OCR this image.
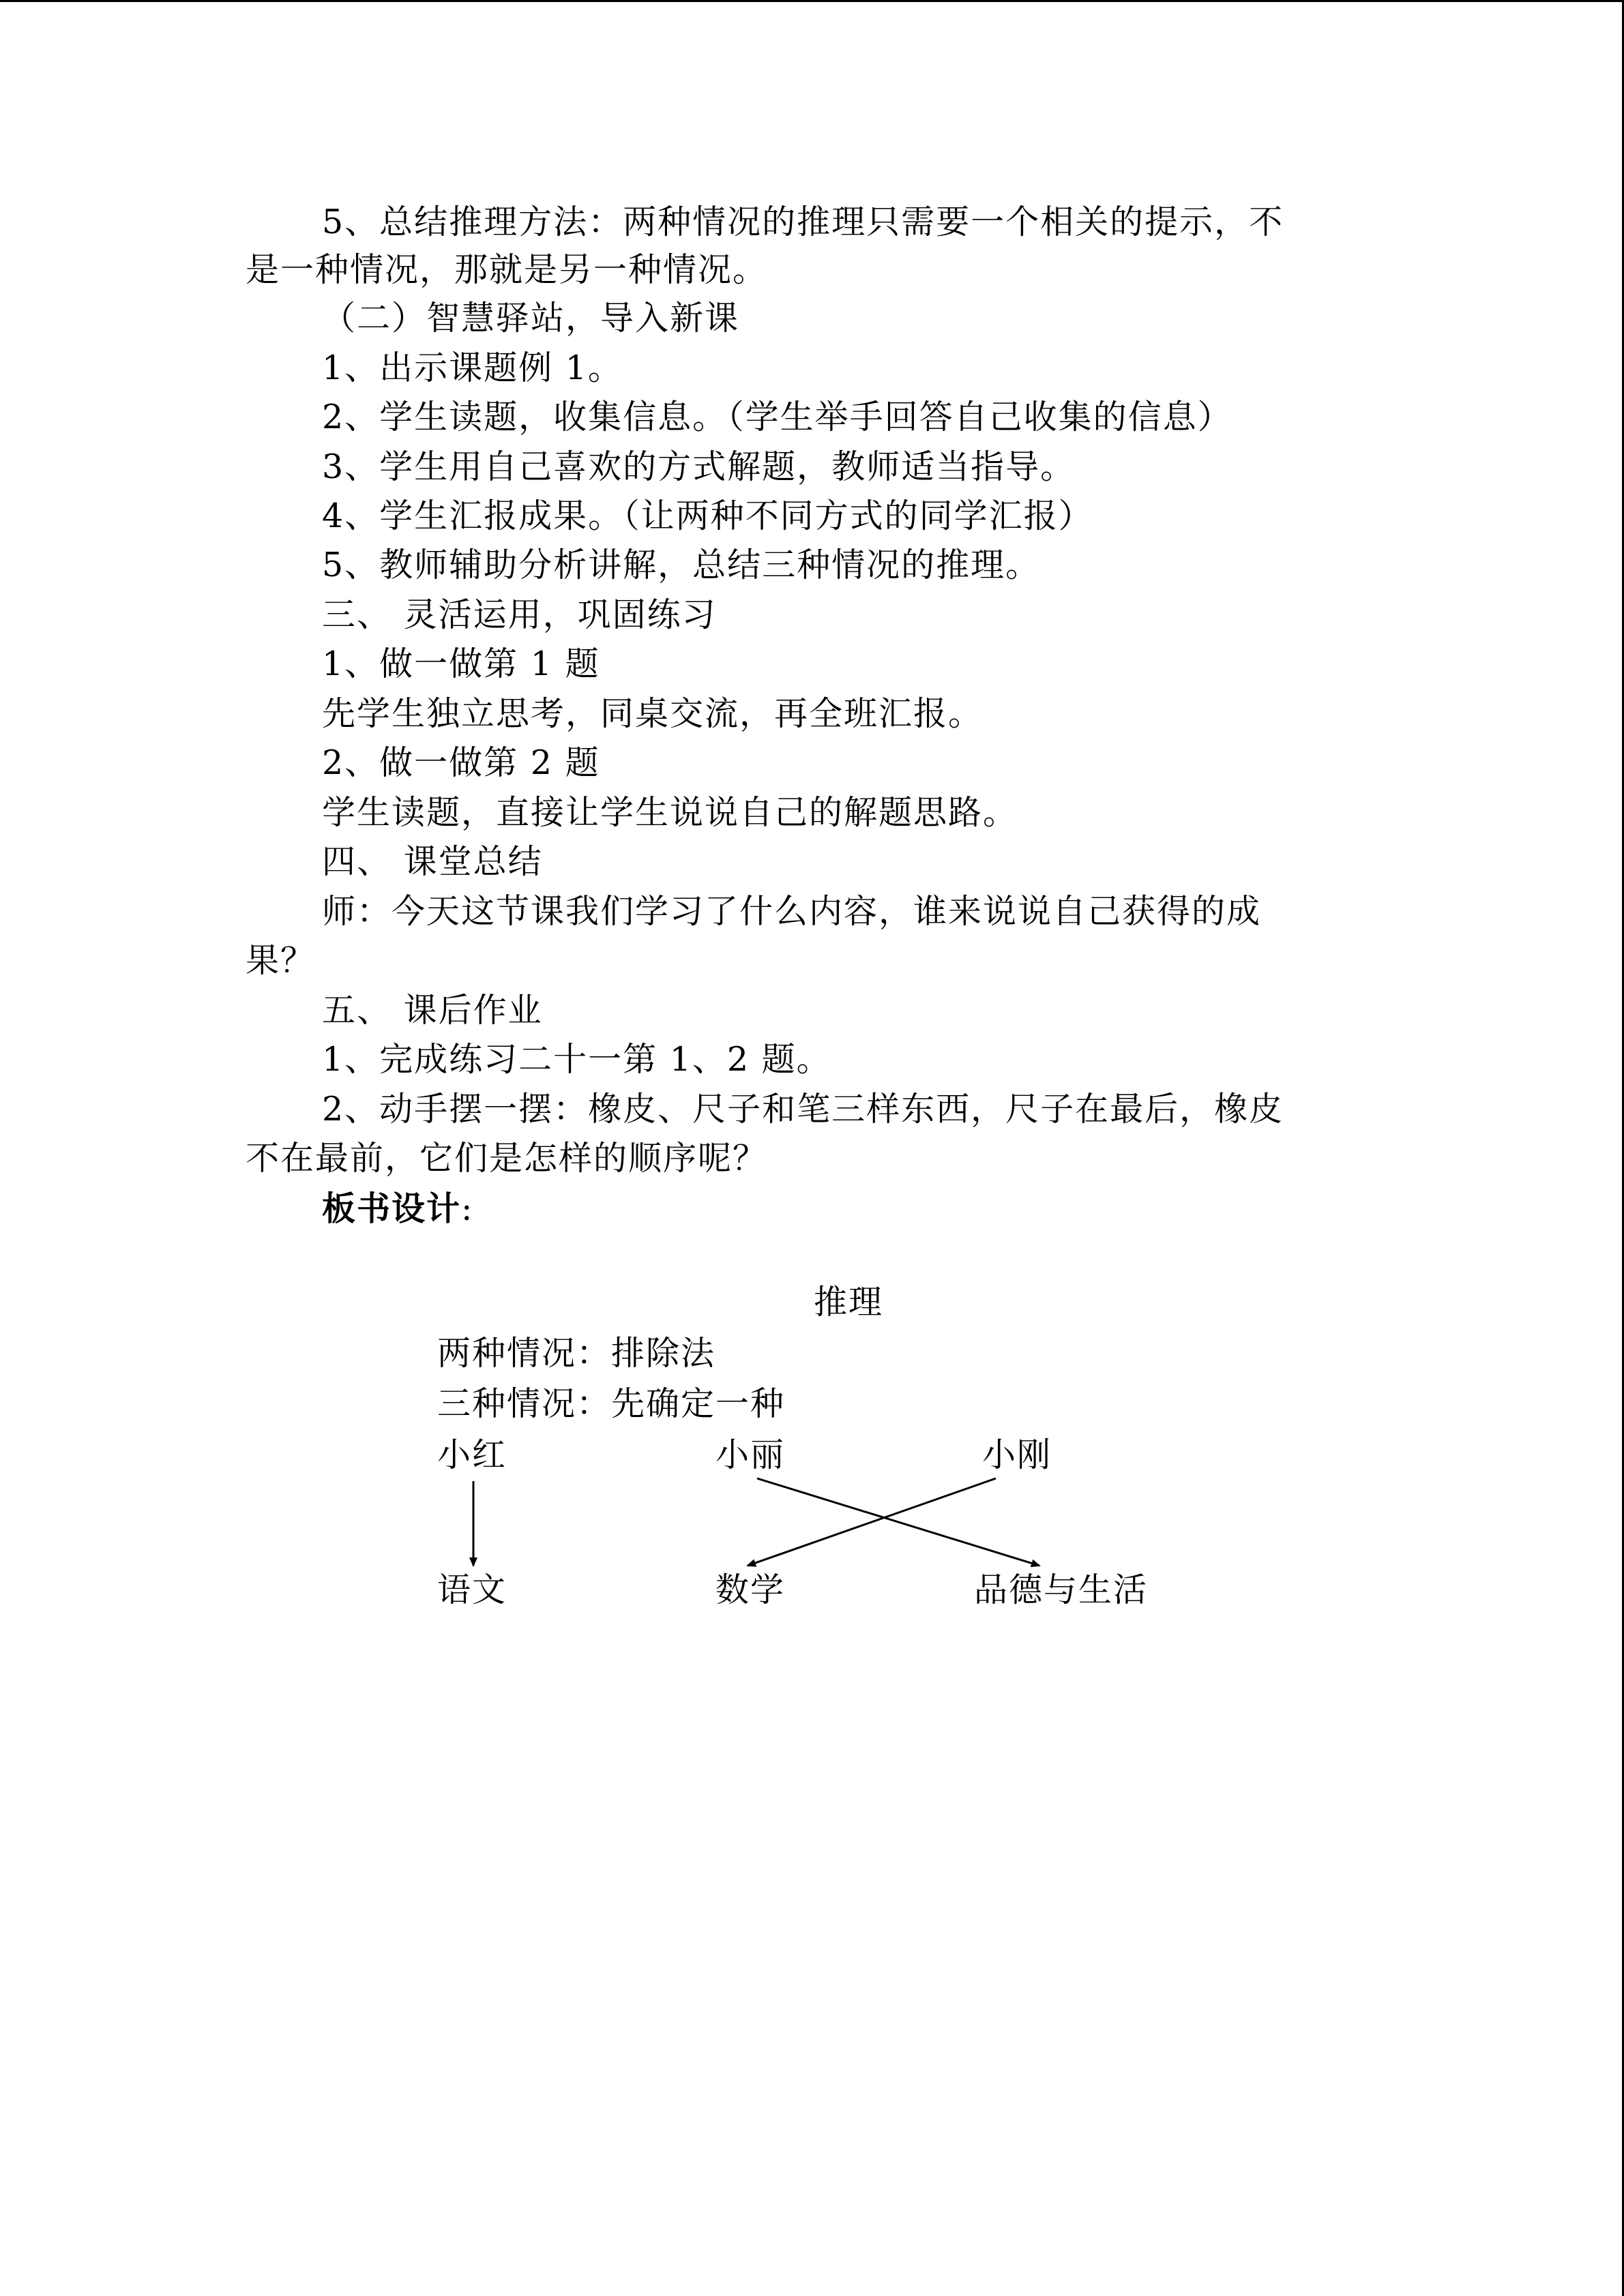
5、总结推理方法：两种情况的推理只需要一个相关的提示，不
是一种情况，那就是另一种情况。
（二）智慧驿站，导入新课
1、出示课题例 1。
2、学生读题，收集信息。（学生举手回答自己收集的信息）
3、学生用自己喜欢的方式解题，教师适当指导。
4、学生汇报成果。（让两种不同方式的同学汇报）
5、教师辅助分析讲解，总结三种情况的推理。
三、 灵活运用，巩固练习
1、做一做第 1 题
先学生独立思考，同桌交流，再全班汇报。
2、做一做第 2 题
学生读题，直接让学生说说自己的解题思路。
四、 课堂总结
师：今天这节课我们学习了什么内容，谁来说说自己获得的成
果？
五、 课后作业
1、完成练习二十一第 1、2 题。
2、动手摆一摆：橡皮、尺子和笔三样东西，尺子在最后，橡皮
不在最前，它们是怎样的顺序呢？
板书设计:
推理
两种情况：排除法
三种情况：先确定一种
小红	小丽	小刚
语文	数学	品德与生活
